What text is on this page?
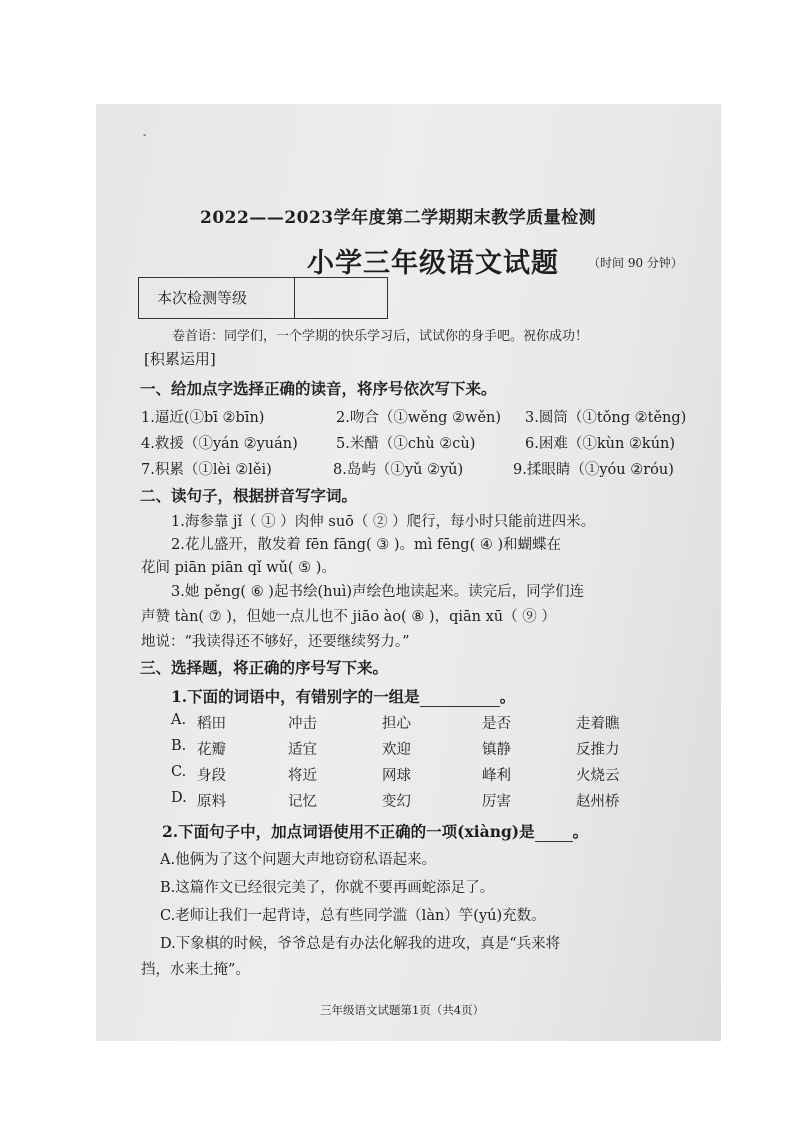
-
2022——2023学年度第二学期期末教学质量检测
小学三年级语文试题 （时间 90 分钟）
本次检测等级
卷首语：同学们，一个学期的快乐学习后，试试你的身手吧。祝你成功！
[积累运用]
一、给加点字选择正确的读音，将序号依次写下来。
1.逼近(①bī ②bīn)	2.吻合（①wěng ②wěn) 3.圆筒（①tǒng ②těng)
4.救援（①yán ②yuán)	5.米醋（①chù ②cù)	6.困难（①kùn ②kún)
7.积累（①lèi ②lěi)	8.岛屿（①yǔ ②yǔ)	9.揉眼睛（①yóu ②róu)
二、读句子，根据拼音写字词。
1.海参靠 jǐ（ ① ）肉伸 suō（ ② ）爬行，每小时只能前进四米。
2.花儿盛开，散发着 fēn fāng( ③ )。mì fēng( ④ )和蝴蝶在
花间 piān piān qǐ wǔ( ⑤ )。
3.她 pěng( ⑥ )起书绘(huì)声绘色地读起来。读完后，同学们连
声赞 tàn( ⑦ )，但她一点儿也不 jiāo ào( ⑧ )，qiān xū（ ⑨ ）
地说：“我读得还不够好，还要继续努力。”
三、选择题，将正确的序号写下来。
1.下面的词语中，有错别字的一组是	。
A. 稻田	冲击	担心	是否	走着瞧
B. 花瓣	适宜	欢迎	镇静	反推力
C. 身段	将近	网球	峰利	火烧云
D. 原料	记忆	变幻	厉害	赵州桥
2.下面句子中，加点词语使用不正确的一项(xiàng)是 。
A.他俩为了这个问题大声地窃窃私语起来。
B.这篇作文已经很完美了，你就不要再画蛇添足了。
C.老师让我们一起背诗，总有些同学滥（làn）竽(yú)充数。
D.下象棋的时候，爷爷总是有办法化解我的进攻，真是“兵来将
挡，水来土掩”。
三年级语文试题第1页（共4页）
